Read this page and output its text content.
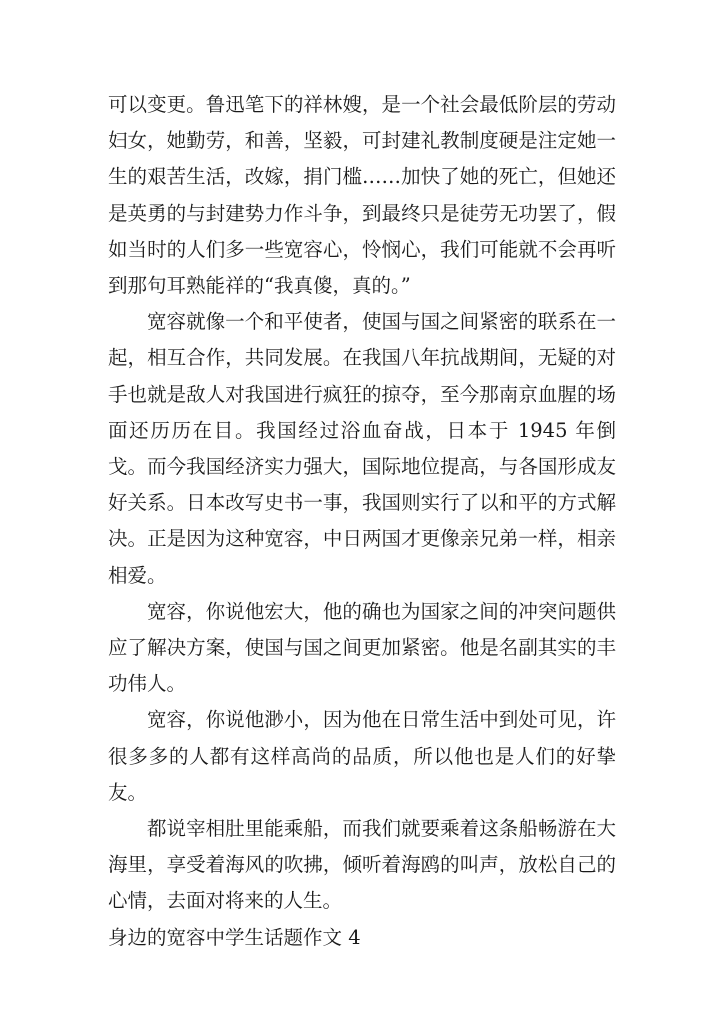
可以变更。鲁迅笔下的祥林嫂，是一个社会最低阶层的劳动妇女，她勤劳，和善，坚毅，可封建礼教制度硬是注定她一生的艰苦生活，改嫁，捐门槛……加快了她的死亡，但她还是英勇的与封建势力作斗争，到最终只是徒劳无功罢了，假如当时的人们多一些宽容心，怜悯心，我们可能就不会再听到那句耳熟能祥的“我真傻，真的。”

宽容就像一个和平使者，使国与国之间紧密的联系在一起，相互合作，共同发展。在我国八年抗战期间，无疑的对手也就是敌人对我国进行疯狂的掠夺，至今那南京血腥的场面还历历在目。我国经过浴血奋战，日本于 1945 年倒戈。而今我国经济实力强大，国际地位提高，与各国形成友好关系。日本改写史书一事，我国则实行了以和平的方式解决。正是因为这种宽容，中日两国才更像亲兄弟一样，相亲相爱。

宽容，你说他宏大，他的确也为国家之间的冲突问题供应了解决方案，使国与国之间更加紧密。他是名副其实的丰功伟人。

宽容，你说他渺小，因为他在日常生活中到处可见，许很多多的人都有这样高尚的品质，所以他也是人们的好挚友。

都说宰相肚里能乘船，而我们就要乘着这条船畅游在大海里，享受着海风的吹拂，倾听着海鸥的叫声，放松自己的心情，去面对将来的人生。

身边的宽容中学生话题作文 4
